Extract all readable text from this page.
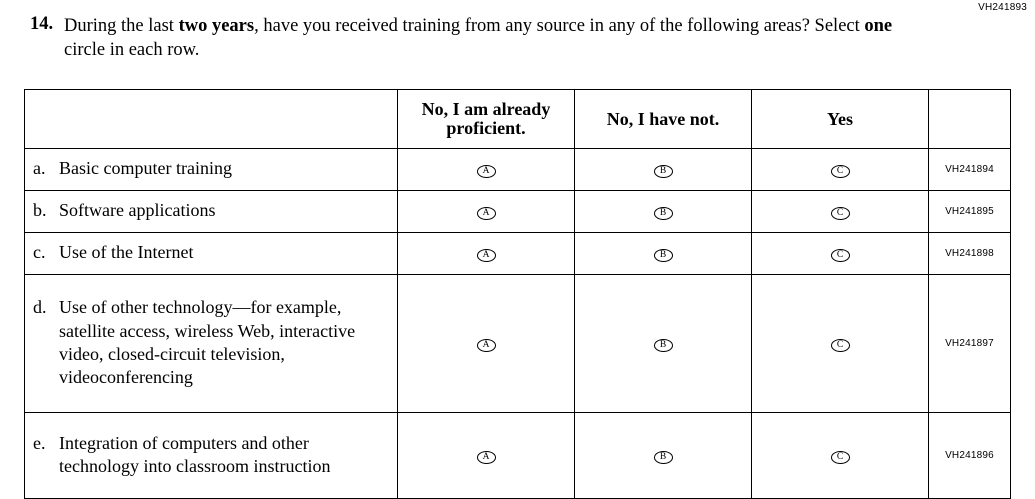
VH241893
14. During the last two years, have you received training from any source in any of the following areas? Select one circle in each row.

	No, I am already
proficient.	No, I have not.	Yes	

a. Basic computer training	A	B	C	VH241894

b. Software applications	A	B	C	VH241895

c. Use of the Internet	A	B	C	VH241898

d. Use of other technology—for example, satellite access, wireless Web, interactive video, closed-circuit television, videoconferencing	A	B	C	VH241897

e. Integration of computers and other technology into classroom instruction	A	B	C	VH241896
